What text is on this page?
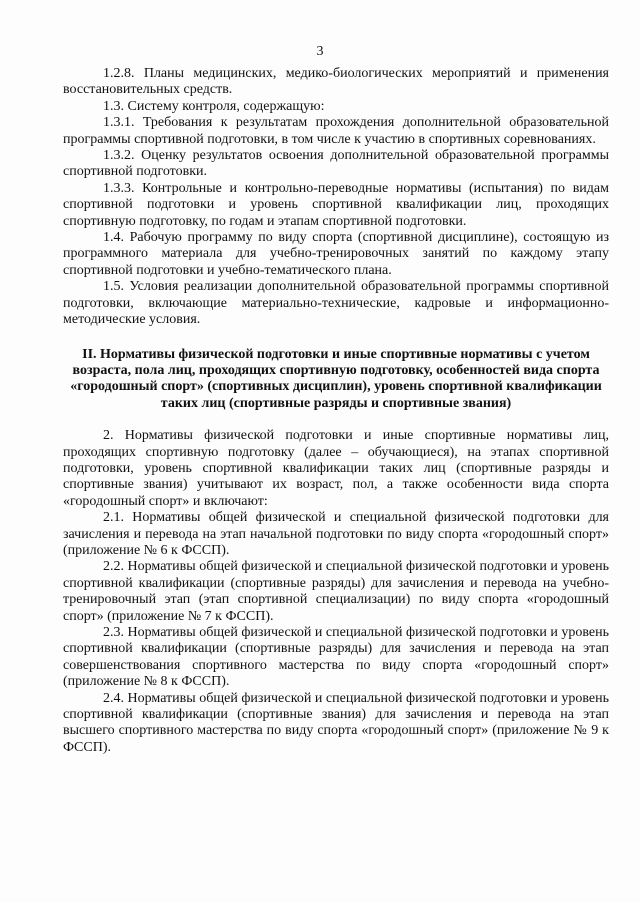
3

1.2.8. Планы медицинских, медико-биологических мероприятий и применения восстановительных средств.

1.3. Систему контроля, содержащую:

1.3.1. Требования к результатам прохождения дополнительной образовательной программы спортивной подготовки, в том числе к участию в спортивных соревнованиях.

1.3.2. Оценку результатов освоения дополнительной образовательной программы спортивной подготовки.

1.3.3. Контрольные и контрольно-переводные нормативы (испытания) по видам спортивной подготовки и уровень спортивной квалификации лиц, проходящих спортивную подготовку, по годам и этапам спортивной подготовки.

1.4. Рабочую программу по виду спорта (спортивной дисциплине), состоящую из программного материала для учебно-тренировочных занятий по каждому этапу спортивной подготовки и учебно-тематического плана.

1.5. Условия реализации дополнительной образовательной программы спортивной подготовки, включающие материально-технические, кадровые и информационно-методические условия.

II. Нормативы физической подготовки и иные спортивные нормативы с учетом возраста, пола лиц, проходящих спортивную подготовку, особенностей вида спорта «городошный спорт» (спортивных дисциплин), уровень спортивной квалификации таких лиц (спортивные разряды и спортивные звания)

2. Нормативы физической подготовки и иные спортивные нормативы лиц, проходящих спортивную подготовку (далее – обучающиеся), на этапах спортивной подготовки, уровень спортивной квалификации таких лиц (спортивные разряды и спортивные звания) учитывают их возраст, пол, а также особенности вида спорта «городошный спорт» и включают:

2.1. Нормативы общей физической и специальной физической подготовки для зачисления и перевода на этап начальной подготовки по виду спорта «городошный спорт» (приложение № 6 к ФССП).

2.2. Нормативы общей физической и специальной физической подготовки и уровень спортивной квалификации (спортивные разряды) для зачисления и перевода на учебно-тренировочный этап (этап спортивной специализации) по виду спорта «городошный спорт» (приложение № 7 к ФССП).

2.3. Нормативы общей физической и специальной физической подготовки и уровень спортивной квалификации (спортивные разряды) для зачисления и перевода на этап совершенствования спортивного мастерства по виду спорта «городошный спорт» (приложение № 8 к ФССП).

2.4. Нормативы общей физической и специальной физической подготовки и уровень спортивной квалификации (спортивные звания) для зачисления и перевода на этап высшего спортивного мастерства по виду спорта «городошный спорт» (приложение № 9 к ФССП).
